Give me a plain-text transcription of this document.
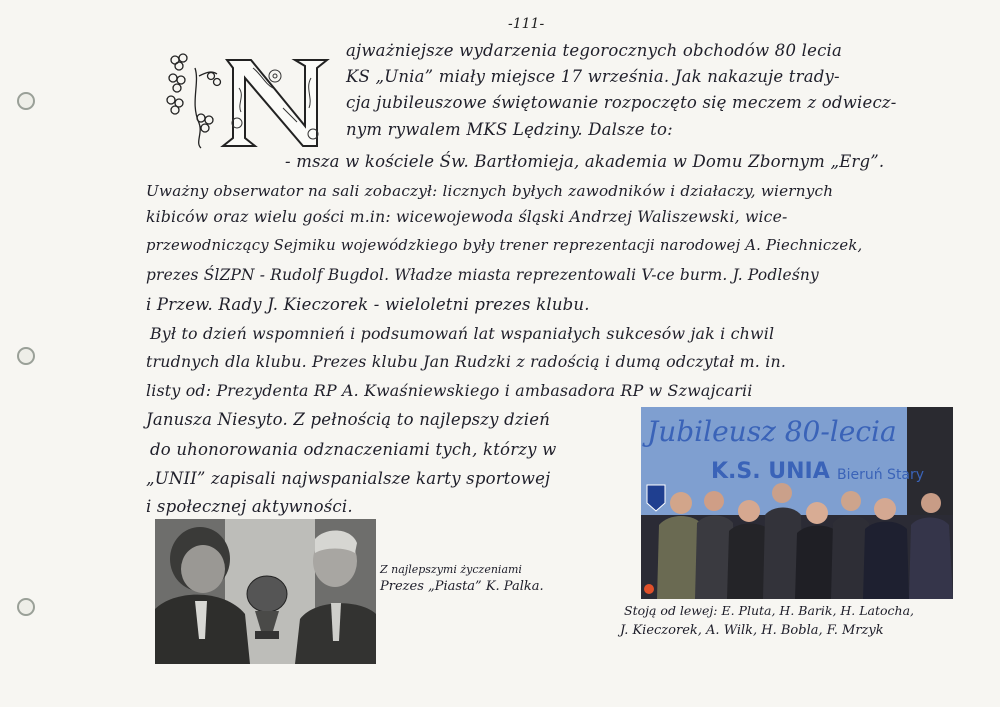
-111-
ajważniejsze wydarzenia tegorocznych obchodów 80 lecia
KS „Unia” miały miejsce 17 września. Jak nakazuje trady-
cja jubileuszowe świętowanie rozpoczęto się meczem z odwiecz-
nym rywalem MKS Lędziny. Dalsze to:
- msza w kościele Św. Bartłomieja, akademia w Domu Zbornym „Erg”.
Uważny obserwator na sali zobaczył: licznych byłych zawodników i działaczy, wiernych
kibiców oraz wielu gości m.in: wicewojewoda śląski Andrzej Waliszewski, wice-
przewodniczący Sejmiku wojewódzkiego były trener reprezentacji narodowej A. Piechniczek,
prezes ŚlZPN - Rudolf Bugdol. Władze miasta reprezentowali V-ce burm. J. Podleśny
i Przew. Rady J. Kieczorek - wieloletni prezes klubu.
Był to dzień wspomnień i podsumowań lat wspaniałych sukcesów jak i chwil
trudnych dla klubu. Prezes klubu Jan Rudzki z radością i dumą odczytał m. in.
listy od: Prezydenta RP A. Kwaśniewskiego i ambasadora RP w Szwajcarii
Janusza Niesyto. Z pełnością to najlepszy dzień
do uhonorowania odznaczeniami tych, którzy w
„UNII” zapisali najwspanialsze karty sportowej
i społecznej aktywności.
Z najlepszymi życzeniami
Prezes „Piasta” K. Palka.
Jubileusz 80-lecia
K.S. UNIA Bieruń Stary
Stoją od lewej: E. Pluta, H. Barik, H. Latocha,
J. Kieczorek, A. Wilk, H. Bobla, F. Mrzyk
